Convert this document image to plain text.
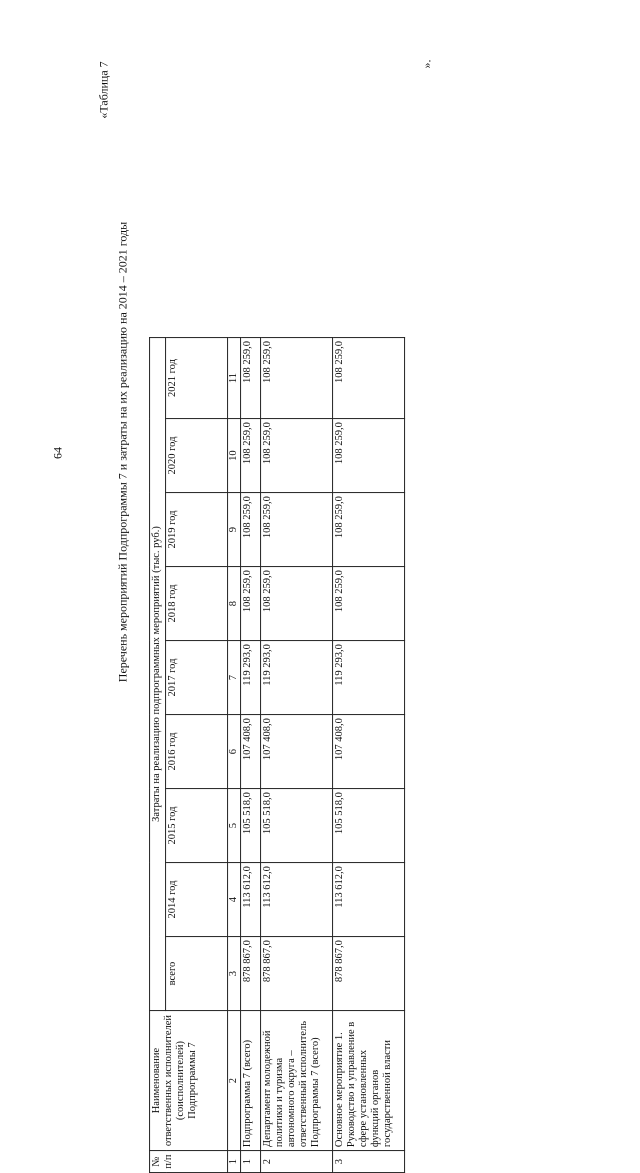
64	Перечень мероприятий Подпрограммы 7 и затраты на их реализацию на 2014 – 2021 годы
«Таблица 7	».
№ п/п	Наименование ответственных исполнителей (соисполнителей) Подпрограммы 7	Затраты на реализацию подпрограммных мероприятий (тыс. руб.)								
		всего	2014 год	2015 год	2016 год	2017 год	2018 год	2019 год	2020 год	2021 год
1	2	3	4	5	6	7	8	9	10	11
1	Подпрограмма 7 (всего)	878 867,0	113 612,0	105 518,0	107 408,0	119 293,0	108 259,0	108 259,0	108 259,0	108 259,0
2	Департамент молодежной политики и туризма автономного округа – ответственный исполнитель Подпрограммы 7 (всего)	878 867,0	113 612,0	105 518,0	107 408,0	119 293,0	108 259,0	108 259,0	108 259,0	108 259,0
3	Основное мероприятие 1. Руководство и управление в сфере установленных функций органов государственной власти	878 867,0	113 612,0	105 518,0	107 408,0	119 293,0	108 259,0	108 259,0	108 259,0	108 259,0
